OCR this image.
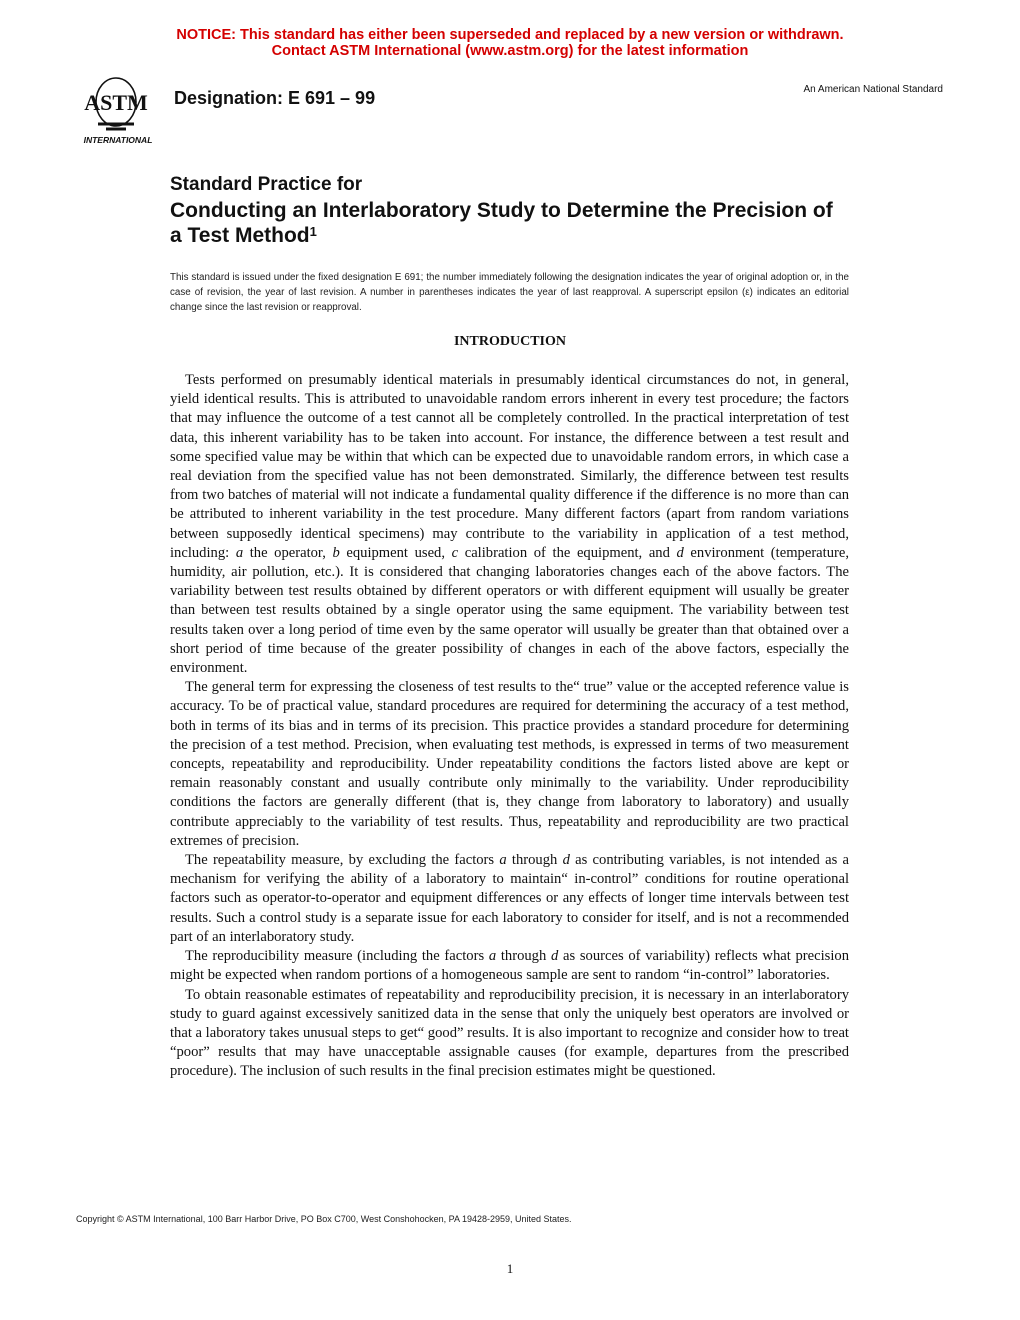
NOTICE: This standard has either been superseded and replaced by a new version or withdrawn.
Contact ASTM International (www.astm.org) for the latest information
ASTM
INTERNATIONAL
Designation: E 691 – 99	An American National Standard
Standard Practice for
Conducting an Interlaboratory Study to Determine the Precision of a Test Method$^1$
This standard is issued under the fixed designation E 691; the number immediately following the designation indicates the year of original adoption or, in the case of revision, the year of last revision. A number in parentheses indicates the year of last reapproval. A superscript epsilon (ε) indicates an editorial change since the last revision or reapproval.
INTRODUCTION

Tests performed on presumably identical materials in presumably identical circumstances do not, in general, yield identical results. This is attributed to unavoidable random errors inherent in every test procedure; the factors that may influence the outcome of a test cannot all be completely controlled. In the practical interpretation of test data, this inherent variability has to be taken into account. For instance, the difference between a test result and some specified value may be within that which can be expected due to unavoidable random errors, in which case a real deviation from the specified value has not been demonstrated. Similarly, the difference between test results from two batches of material will not indicate a fundamental quality difference if the difference is no more than can be attributed to inherent variability in the test procedure. Many different factors (apart from random variations between supposedly identical specimens) may contribute to the variability in application of a test method, including: a the operator, b equipment used, c calibration of the equipment, and d environment (temperature, humidity, air pollution, etc.). It is considered that changing laboratories changes each of the above factors. The variability between test results obtained by different operators or with different equipment will usually be greater than between test results obtained by a single operator using the same equipment. The variability between test results taken over a long period of time even by the same operator will usually be greater than that obtained over a short period of time because of the greater possibility of changes in each of the above factors, especially the environment.

The general term for expressing the closeness of test results to the“ true” value or the accepted reference value is accuracy. To be of practical value, standard procedures are required for determining the accuracy of a test method, both in terms of its bias and in terms of its precision. This practice provides a standard procedure for determining the precision of a test method. Precision, when evaluating test methods, is expressed in terms of two measurement concepts, repeatability and reproducibility. Under repeatability conditions the factors listed above are kept or remain reasonably constant and usually contribute only minimally to the variability. Under reproducibility conditions the factors are generally different (that is, they change from laboratory to laboratory) and usually contribute appreciably to the variability of test results. Thus, repeatability and reproducibility are two practical extremes of precision.

The repeatability measure, by excluding the factors a through d as contributing variables, is not intended as a mechanism for verifying the ability of a laboratory to maintain“ in-control” conditions for routine operational factors such as operator-to-operator and equipment differences or any effects of longer time intervals between test results. Such a control study is a separate issue for each laboratory to consider for itself, and is not a recommended part of an interlaboratory study.

The reproducibility measure (including the factors a through d as sources of variability) reflects what precision might be expected when random portions of a homogeneous sample are sent to random “in-control” laboratories.

To obtain reasonable estimates of repeatability and reproducibility precision, it is necessary in an interlaboratory study to guard against excessively sanitized data in the sense that only the uniquely best operators are involved or that a laboratory takes unusual steps to get“ good” results. It is also important to recognize and consider how to treat “poor” results that may have unacceptable assignable causes (for example, departures from the prescribed procedure). The inclusion of such results in the final precision estimates might be questioned.

Copyright © ASTM International, 100 Barr Harbor Drive, PO Box C700, West Conshohocken, PA 19428-2959, United States.
1
